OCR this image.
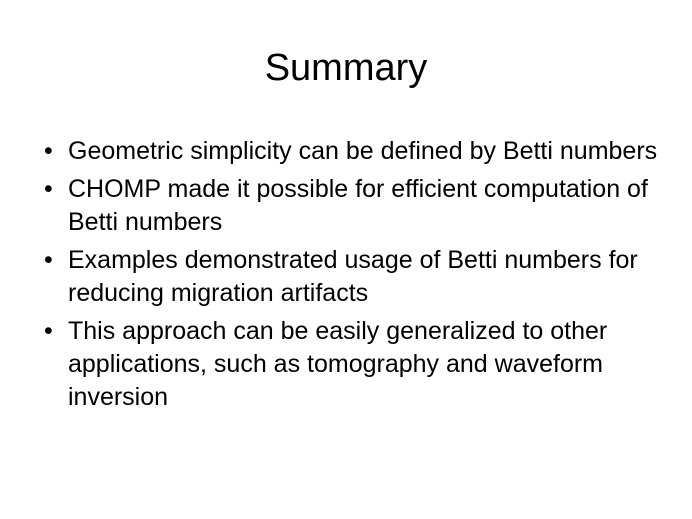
Summary
• Geometric simplicity can be defined by Betti numbers
• CHOMP made it possible for efficient computation of Betti numbers
• Examples demonstrated usage of Betti numbers for reducing migration artifacts
• This approach can be easily generalized to other applications, such as tomography and waveform inversion
